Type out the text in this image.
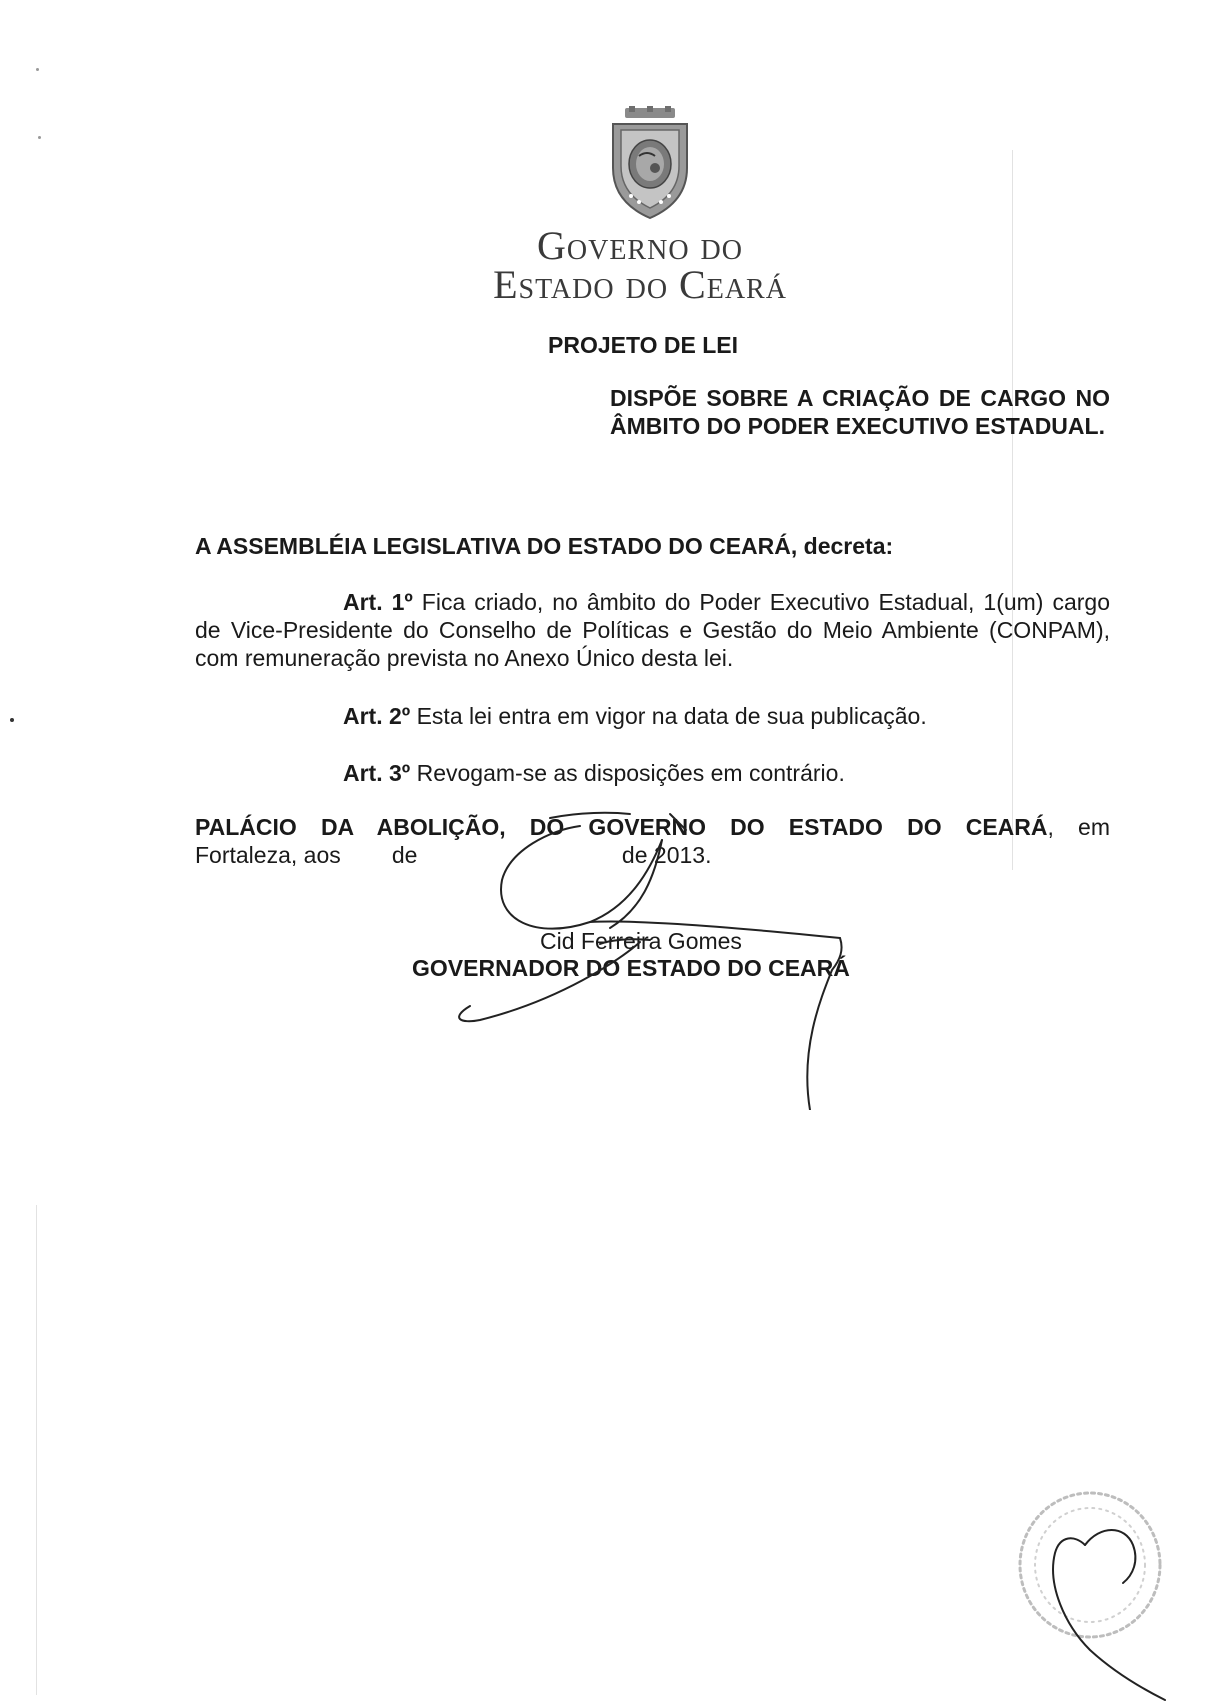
Governo do
Estado do Ceará
PROJETO DE LEI
DISPÕE SOBRE A CRIAÇÃO DE CARGO NO ÂMBITO DO PODER EXECUTIVO ESTADUAL.
A ASSEMBLÉIA LEGISLATIVA DO ESTADO DO CEARÁ, decreta:
Art. 1º Fica criado, no âmbito do Poder Executivo Estadual, 1(um) cargo de Vice-Presidente do Conselho de Políticas e Gestão do Meio Ambiente (CONPAM), com remuneração prevista no Anexo Único desta lei.
Art. 2º Esta lei entra em vigor na data de sua publicação.
Art. 3º Revogam-se as disposições em contrário.
PALÁCIO DA ABOLIÇÃO, DO GOVERNO DO ESTADO DO CEARÁ, em
Fortaleza, aos        de                                de 2013.
Cid Ferreira Gomes
GOVERNADOR DO ESTADO DO CEARÁ
